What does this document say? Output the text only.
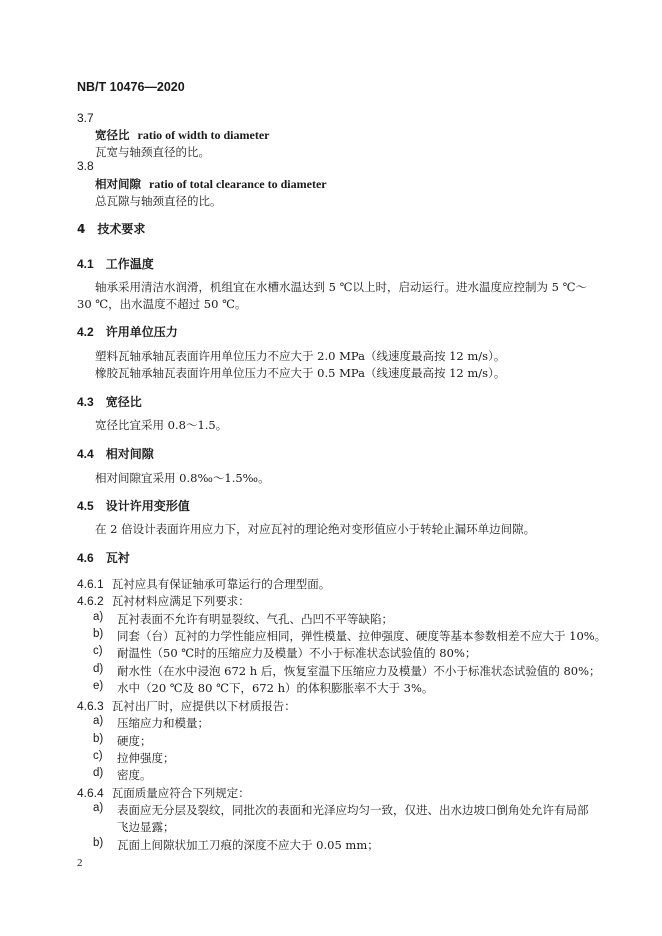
NB/T 10476—2020
3.7
宽径比 ratio of width to diameter
瓦宽与轴颈直径的比。
3.8
相对间隙 ratio of total clearance to diameter
总瓦隙与轴颈直径的比。
4 技术要求
4.1 工作温度
轴承采用清洁水润滑，机组宜在水槽水温达到 5 ℃以上时，启动运行。进水温度应控制为 5 ℃～
30 ℃，出水温度不超过 50 ℃。
4.2 许用单位压力
塑料瓦轴承轴瓦表面许用单位压力不应大于 2.0 MPa（线速度最高按 12 m/s）。
橡胶瓦轴承轴瓦表面许用单位压力不应大于 0.5 MPa（线速度最高按 12 m/s）。
4.3 宽径比
宽径比宜采用 0.8～1.5。
4.4 相对间隙
相对间隙宜采用 0.8‰～1.5‰。
4.5 设计许用变形值
在 2 倍设计表面许用应力下，对应瓦衬的理论绝对变形值应小于转轮止漏环单边间隙。
4.6 瓦衬
4.6.1 瓦衬应具有保证轴承可靠运行的合理型面。
4.6.2 瓦衬材料应满足下列要求：
a) 瓦衬表面不允许有明显裂纹、气孔、凸凹不平等缺陷；
b) 同套（台）瓦衬的力学性能应相同，弹性模量、拉伸强度、硬度等基本参数相差不应大于 10%。
c) 耐温性（50 ℃时的压缩应力及模量）不小于标准状态试验值的 80%；
d) 耐水性（在水中浸泡 672 h 后，恢复室温下压缩应力及模量）不小于标准状态试验值的 80%；
e) 水中（20 ℃及 80 ℃下，672 h）的体积膨胀率不大于 3%。
4.6.3 瓦衬出厂时，应提供以下材质报告：
a) 压缩应力和模量；
b) 硬度；
c) 拉伸强度；
d) 密度。
4.6.4 瓦面质量应符合下列规定：
a) 表面应无分层及裂纹，同批次的表面和光泽应均匀一致，仅进、出水边坡口倒角处允许有局部
飞边显露；
b) 瓦面上间隙状加工刀痕的深度不应大于 0.05 mm；
2
